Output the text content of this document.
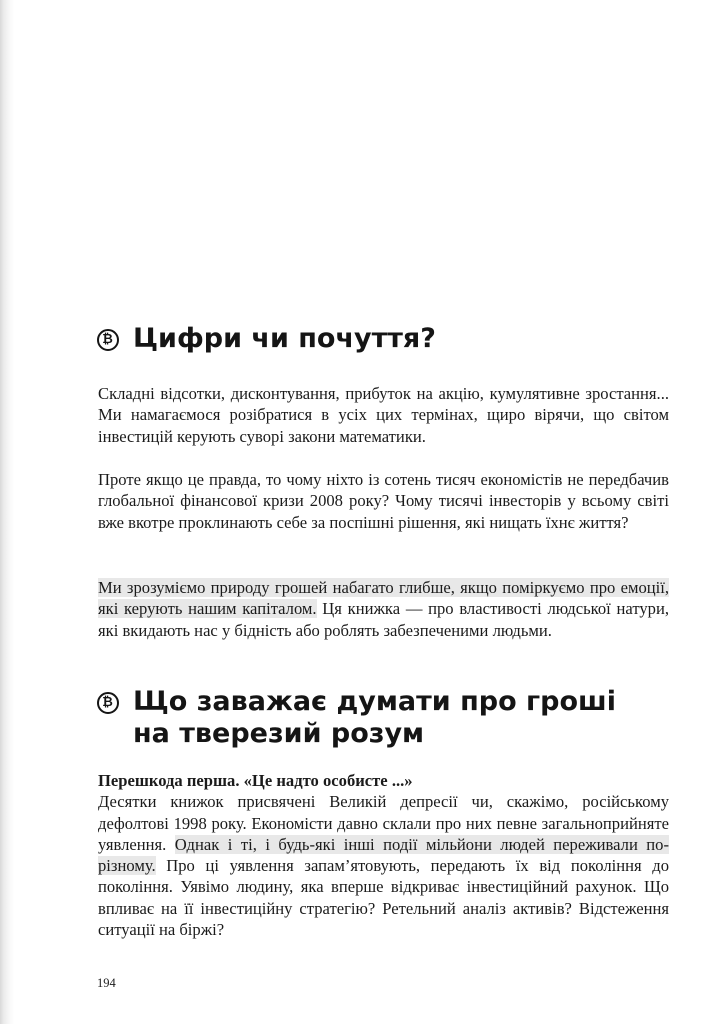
₿ Цифри чи почуття?

Складні відсотки, дисконтування, прибуток на акцію, кумулятивне зростання... Ми намагаємося розібратися в усіх цих термінах, щиро вірячи, що світом інвестицій керують суворі закони математики.

Проте якщо це правда, то чому ніхто із сотень тисяч економістів не передбачив глобальної фінансової кризи 2008 року? Чому тисячі інвесторів у всьому світі вже вкотре проклинають себе за поспішні рішення, які нищать їхнє життя?

Ми зрозуміємо природу грошей набагато глибше, якщо поміркуємо про емоції, які керують нашим капіталом. Ця книжка — про властивості людської натури, які вкидають нас у бідність або роблять забезпеченими людьми.

₿ Що заважає думати про гроші
на тверезий розум

Перешкода перша. «Це надто особисте ...»
Десятки книжок присвячені Великій депресії чи, скажімо, російському дефолтові 1998 року. Економісти давно склали про них певне загальноприйняте уявлення. Однак і ті, і будь-які інші події мільйони людей переживали по-різному. Про ці уявлення запам’ятовують, передають їх від покоління до покоління. Уявімо людину, яка вперше відкриває інвестиційний рахунок. Що впливає на її інвестиційну стратегію? Ретельний аналіз активів? Відстеження ситуації на біржі?

194
